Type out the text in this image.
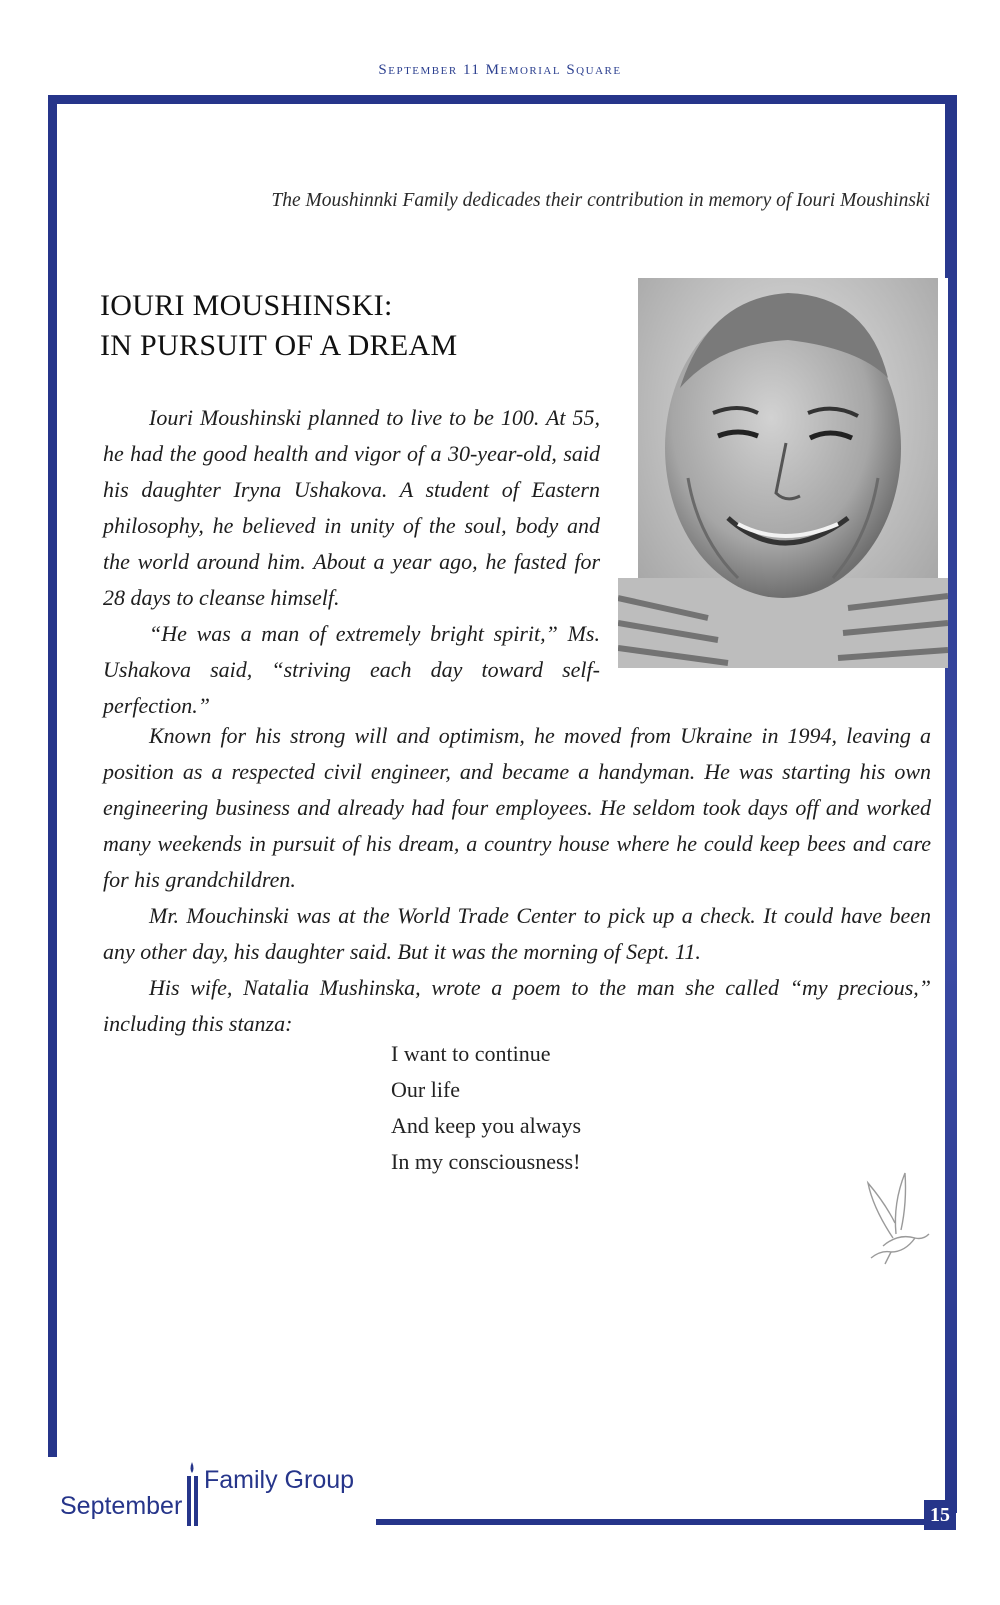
September 11 Memorial Square
The Moushinnki Family dedicades their contribution in memory of Iouri Moushinski
IOURI MOUSHINSKI:
IN PURSUIT OF A DREAM

Iouri Moushinski planned to live to be 100. At 55, he had the good health and vigor of a 30-year-old, said his daughter Iryna Ushakova. A student of Eastern philosophy, he believed in unity of the soul, body and the world around him. About a year ago, he fasted for 28 days to cleanse himself.

“He was a man of extremely bright spirit,” Ms. Ushakova said, “striving each day toward self-perfection.”

Known for his strong will and optimism, he moved from Ukraine in 1994, leaving a position as a respected civil engineer, and became a handyman. He was starting his own engineering business and already had four employees. He seldom took days off and worked many weekends in pursuit of his dream, a country house where he could keep bees and care for his grandchildren.

Mr. Mouchinski was at the World Trade Center to pick up a check. It could have been any other day, his daughter said. But it was the morning of Sept. 11.

His wife, Natalia Mushinska, wrote a poem to the man she called “my precious,” including this stanza:

I want to continue
Our life
And keep you always
In my consciousness!
September
Family Group
15
